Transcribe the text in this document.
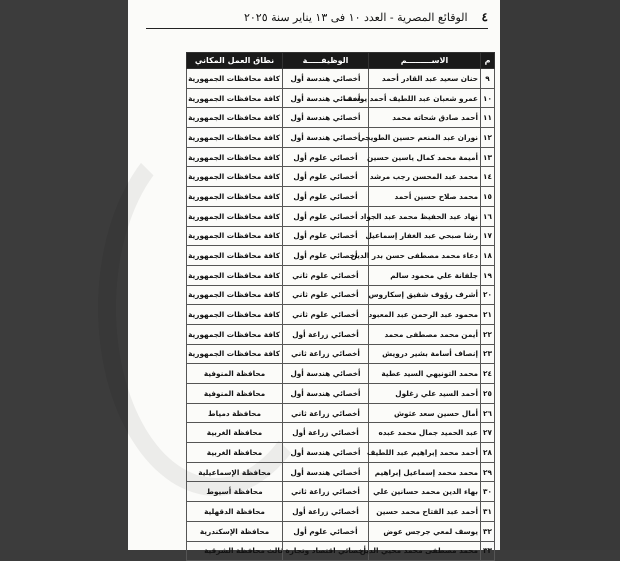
٤
الوقائع المصرية - العدد ١٠ فى ١٣ يناير سنة ٢٠٢٥
م	الاســـــــــم	الوظيفـــــة	نطاق العمل المكاني
٩	حنان سعيد عبد القادر أحمد	أخصائي هندسة أول	كافة محافظات الجمهورية
١٠	عمرو شعبان عبد اللطيف أحمد يوسف	أخصائي هندسة أول	كافة محافظات الجمهورية
١١	أحمد صادق شحاته محمد	أخصائي هندسة أول	كافة محافظات الجمهورية
١٢	نوران عبد المنعم حسين الطويجي	أخصائي هندسة أول	كافة محافظات الجمهورية
١٣	أميمة محمد كمال ياسين حسين	أخصائي علوم أول	كافة محافظات الجمهورية
١٤	محمد عبد المحسن رجب مرشد	أخصائي علوم أول	كافة محافظات الجمهورية
١٥	محمد صلاح حسين أحمد	أخصائي علوم أول	كافة محافظات الجمهورية
١٦	نهاد عبد الحفيظ محمد عبد الجواد	أخصائي علوم أول	كافة محافظات الجمهورية
١٧	رشا صبحي عبد الغفار إسماعيل	أخصائي علوم أول	كافة محافظات الجمهورية
١٨	دعاء محمد مصطفى حسن بدر الدين	أخصائي علوم أول	كافة محافظات الجمهورية
١٩	جلفانة علي محمود سالم	أخصائي علوم ثاني	كافة محافظات الجمهورية
٢٠	أشرف رؤوف شفيق إسكاروس	أخصائي علوم ثاني	كافة محافظات الجمهورية
٢١	محمود عبد الرحمن عبد المعبود	أخصائي علوم ثاني	كافة محافظات الجمهورية
٢٢	أيمن محمد مصطفى محمد	أخصائي زراعة أول	كافة محافظات الجمهورية
٢٣	إنصاف أسامة بشير درويش	أخصائي زراعة ثاني	كافة محافظات الجمهورية
٢٤	محمد التونيهي السيد عطية	أخصائي هندسة أول	محافظة المنوفية
٢٥	أحمد السيد علي زغلول	أخصائي هندسة أول	محافظة المنوفية
٢٦	أمال حسين سعد عثوش	أخصائي زراعة ثاني	محافظة دمياط
٢٧	عبد الحميد جمال محمد عبده	أخصائي زراعة أول	محافظة الغربية
٢٨	أحمد محمد إبراهيم عبد اللطيف	أخصائي هندسة أول	محافظة الغربية
٢٩	محمد محمد إسماعيل إبراهيم	أخصائي هندسة أول	محافظة الإسماعيلية
٣٠	بهاء الدين محمد حسانين علي	أخصائي زراعة ثاني	محافظة أسيوط
٣١	أحمد عبد الفتاح محمد حسين	أخصائي زراعة أول	محافظة الدقهلية
٣٢	يوسف لمعي جرجس عوض	أخصائي علوم أول	محافظة الإسكندرية
٣٣	محمد مصطفى محمد محيي الدين	أخصائي اقتصاد وتجارة ثالث	محافظة الشرقية
